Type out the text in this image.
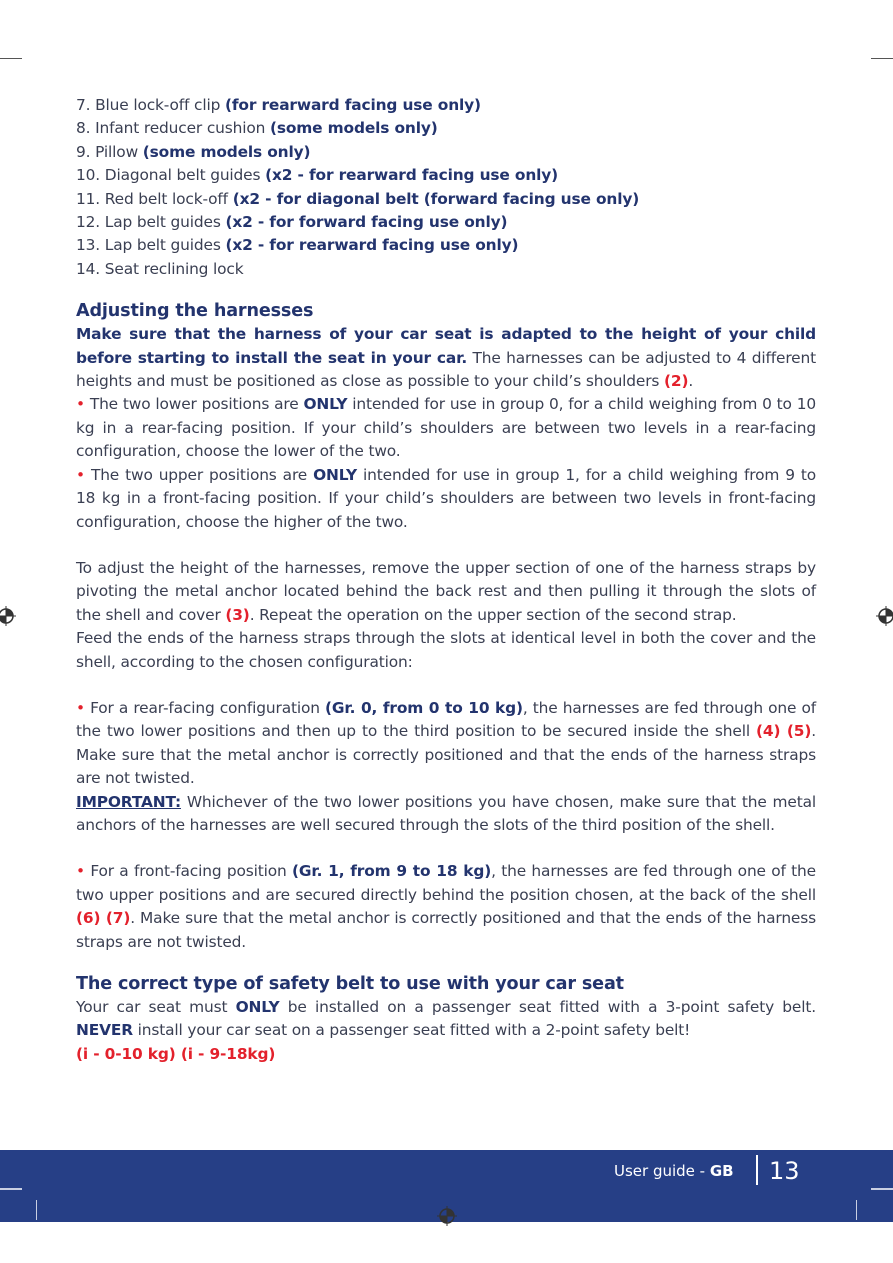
7. Blue lock-off clip (for rearward facing use only)
8. Infant reducer cushion (some models only)
9. Pillow (some models only)
10. Diagonal belt guides (x2 - for rearward facing use only)
11. Red belt lock-off (x2 - for diagonal belt (forward facing use only)
12. Lap belt guides (x2 - for forward facing use only)
13. Lap belt guides (x2 - for rearward facing use only)
14. Seat reclining lock
Adjusting the harnesses
Make sure that the harness of your car seat is adapted to the height of your child before starting to install the seat in your car. The harnesses can be adjusted to 4 different heights and must be positioned as close as possible to your child’s shoulders (2).
• The two lower positions are ONLY intended for use in group 0, for a child weighing from 0 to 10 kg in a rear-facing position. If your child’s shoulders are between two levels in a rear-facing configuration, choose the lower of the two.
• The two upper positions are ONLY intended for use in group 1, for a child weighing from 9 to 18 kg in a front-facing position. If your child’s shoulders are between two levels in front-facing configuration, choose the higher of the two.
To adjust the height of the harnesses, remove the upper section of one of the harness straps by pivoting the metal anchor located behind the back rest and then pulling it through the slots of the shell and cover (3). Repeat the operation on the upper section of the second strap.
Feed the ends of the harness straps through the slots at identical level in both the cover and the shell, according to the chosen configuration:
• For a rear-facing configuration (Gr. 0, from 0 to 10 kg), the harnesses are fed through one of the two lower positions and then up to the third position to be secured inside the shell (4) (5). Make sure that the metal anchor is correctly positioned and that the ends of the harness straps are not twisted.
IMPORTANT: Whichever of the two lower positions you have chosen, make sure that the metal anchors of the harnesses are well secured through the slots of the third position of the shell.
• For a front-facing position (Gr. 1, from 9 to 18 kg), the harnesses are fed through one of the two upper positions and are secured directly behind the position chosen, at the back of the shell (6) (7). Make sure that the metal anchor is correctly positioned and that the ends of the harness straps are not twisted.
The correct type of safety belt to use with your car seat
Your car seat must ONLY be installed on a passenger seat fitted with a 3-point safety belt. NEVER install your car seat on a passenger seat fitted with a 2-point safety belt!
(i - 0-10 kg) (i - 9-18kg)
User guide - GB 13
